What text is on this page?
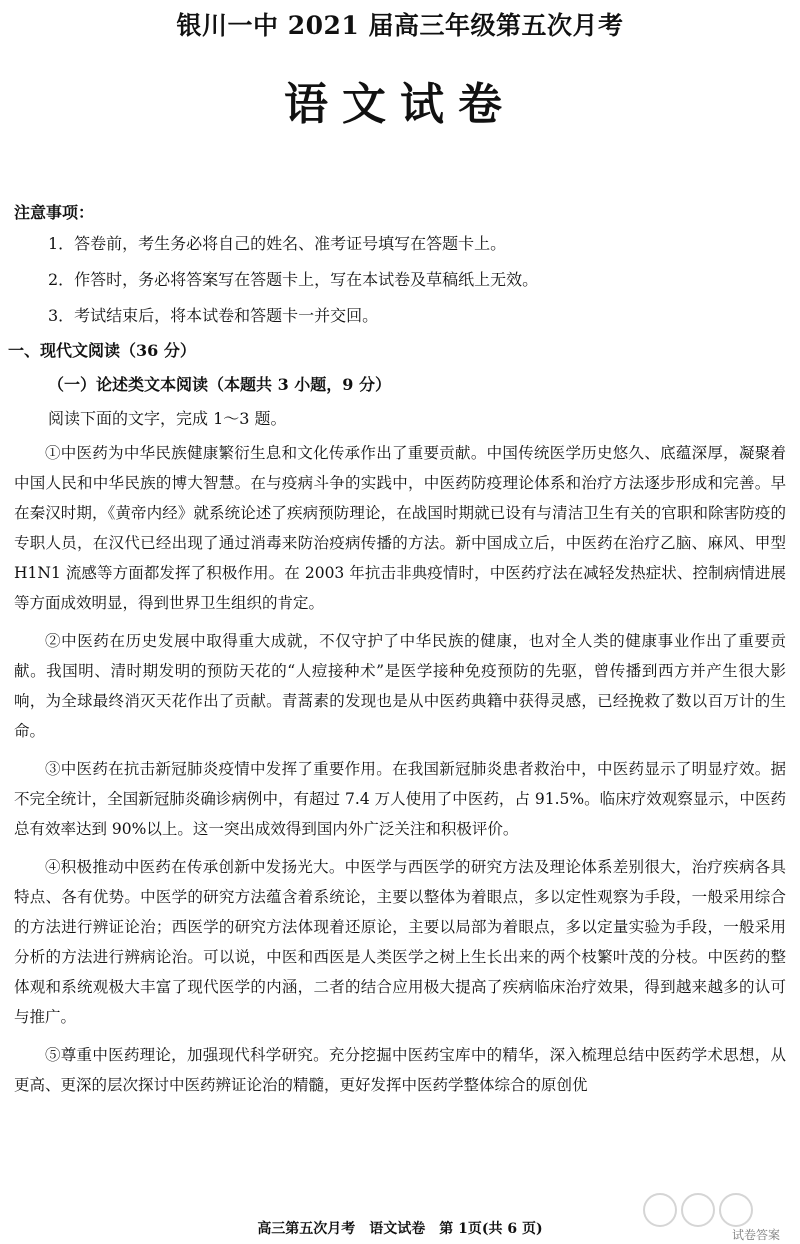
银川一中 2021 届高三年级第五次月考
语文试卷
注意事项：
1．答卷前，考生务必将自己的姓名、准考证号填写在答题卡上。
2．作答时，务必将答案写在答题卡上，写在本试卷及草稿纸上无效。
3．考试结束后，将本试卷和答题卡一并交回。
一、现代文阅读（36 分）
（一）论述类文本阅读（本题共 3 小题，9 分）
阅读下面的文字，完成 1～3 题。

①中医药为中华民族健康繁衍生息和文化传承作出了重要贡献。中国传统医学历史悠久、底蕴深厚，凝聚着中国人民和中华民族的博大智慧。在与疫病斗争的实践中，中医药防疫理论体系和治疗方法逐步形成和完善。早在秦汉时期，《黄帝内经》就系统论述了疾病预防理论，在战国时期就已设有与清洁卫生有关的官职和除害防疫的专职人员，在汉代已经出现了通过消毒来防治疫病传播的方法。新中国成立后，中医药在治疗乙脑、麻风、甲型 H1N1 流感等方面都发挥了积极作用。在 2003 年抗击非典疫情时，中医药疗法在减轻发热症状、控制病情进展等方面成效明显，得到世界卫生组织的肯定。

②中医药在历史发展中取得重大成就，不仅守护了中华民族的健康，也对全人类的健康事业作出了重要贡献。我国明、清时期发明的预防天花的“人痘接种术”是医学接种免疫预防的先驱，曾传播到西方并产生很大影响，为全球最终消灭天花作出了贡献。青蒿素的发现也是从中医药典籍中获得灵感，已经挽救了数以百万计的生命。

③中医药在抗击新冠肺炎疫情中发挥了重要作用。在我国新冠肺炎患者救治中，中医药显示了明显疗效。据不完全统计，全国新冠肺炎确诊病例中，有超过 7.4 万人使用了中医药，占 91.5%。临床疗效观察显示，中医药总有效率达到 90%以上。这一突出成效得到国内外广泛关注和积极评价。

④积极推动中医药在传承创新中发扬光大。中医学与西医学的研究方法及理论体系差别很大，治疗疾病各具特点、各有优势。中医学的研究方法蕴含着系统论，主要以整体为着眼点，多以定性观察为手段，一般采用综合的方法进行辨证论治；西医学的研究方法体现着还原论，主要以局部为着眼点，多以定量实验为手段，一般采用分析的方法进行辨病论治。可以说，中医和西医是人类医学之树上生长出来的两个枝繁叶茂的分枝。中医药的整体观和系统观极大丰富了现代医学的内涵，二者的结合应用极大提高了疾病临床治疗效果，得到越来越多的认可与推广。

⑤尊重中医药理论，加强现代科学研究。充分挖掘中医药宝库中的精华，深入梳理总结中医药学术思想，从更高、更深的层次探讨中医药辨证论治的精髓，更好发挥中医药学整体综合的原创优

试卷答案
高三第五次月考　语文试卷　第 1页(共 6 页)
